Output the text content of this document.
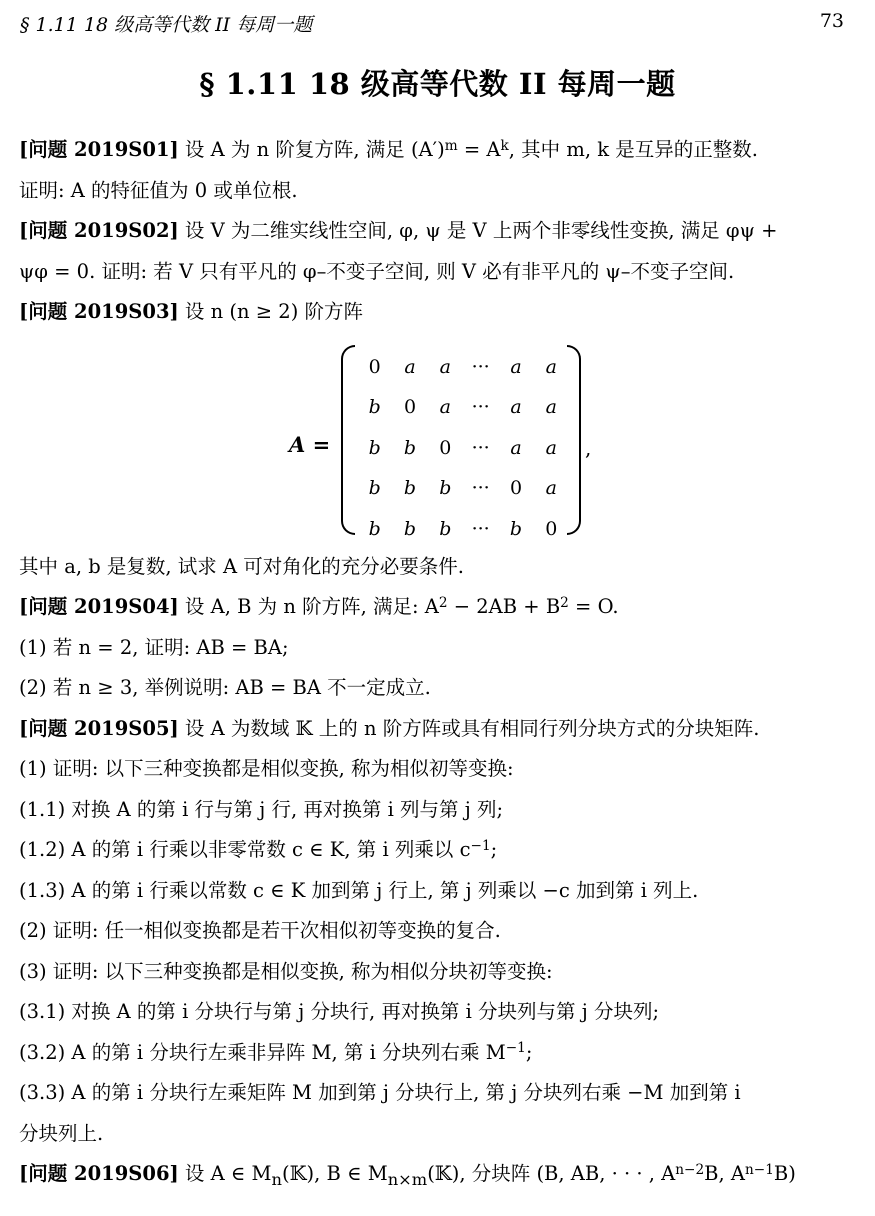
§ 1.11 18 级高等代数 II 每周一题	73
§ 1.11 18 级高等代数 II 每周一题
[问题 2019S01] 设 A 为 n 阶复方阵, 满足 $(A')^m = A^k$, 其中 m, k 是互异的正整数.
证明: A 的特征值为 0 或单位根.
[问题 2019S02] 设 V 为二维实线性空间, φ, ψ 是 V 上两个非零线性变换, 满足 φψ +
ψφ = 0. 证明: 若 V 只有平凡的 φ–不变子空间, 则 V 必有非平凡的 ψ–不变子空间.
[问题 2019S03] 设 n (n ≥ 2) 阶方阵
A =
0 a a ··· a a
b 0 a ··· a a
b b 0 ··· a a
b b b ··· 0 a
b b b ··· b 0
,
其中 a, b 是复数, 试求 A 可对角化的充分必要条件.
[问题 2019S04] 设 A, B 为 n 阶方阵, 满足: $A^2 - 2AB + B^2 = O$.
(1) 若 n = 2, 证明: AB = BA;
(2) 若 n ≥ 3, 举例说明: AB = BA 不一定成立.
[问题 2019S05] 设 A 为数域 𝕂 上的 n 阶方阵或具有相同行列分块方式的分块矩阵.
(1) 证明: 以下三种变换都是相似变换, 称为相似初等变换:
(1.1) 对换 A 的第 i 行与第 j 行, 再对换第 i 列与第 j 列;
(1.2) A 的第 i 行乘以非零常数 c ∈ K, 第 i 列乘以 $c^{-1}$;
(1.3) A 的第 i 行乘以常数 c ∈ K 加到第 j 行上, 第 j 列乘以 −c 加到第 i 列上.
(2) 证明: 任一相似变换都是若干次相似初等变换的复合.
(3) 证明: 以下三种变换都是相似变换, 称为相似分块初等变换:
(3.1) 对换 A 的第 i 分块行与第 j 分块行, 再对换第 i 分块列与第 j 分块列;
(3.2) A 的第 i 分块行左乘非异阵 M, 第 i 分块列右乘 $M^{-1}$;
(3.3) A 的第 i 分块行左乘矩阵 M 加到第 j 分块行上, 第 j 分块列右乘 −M 加到第 i
分块列上.
[问题 2019S06] 设 A ∈ $M_n(𝕂)$, B ∈ $M_{n\times m}(𝕂)$, 分块阵 (B, AB, · · · , $A^{n-2}B$, $A^{n-1}B$)
